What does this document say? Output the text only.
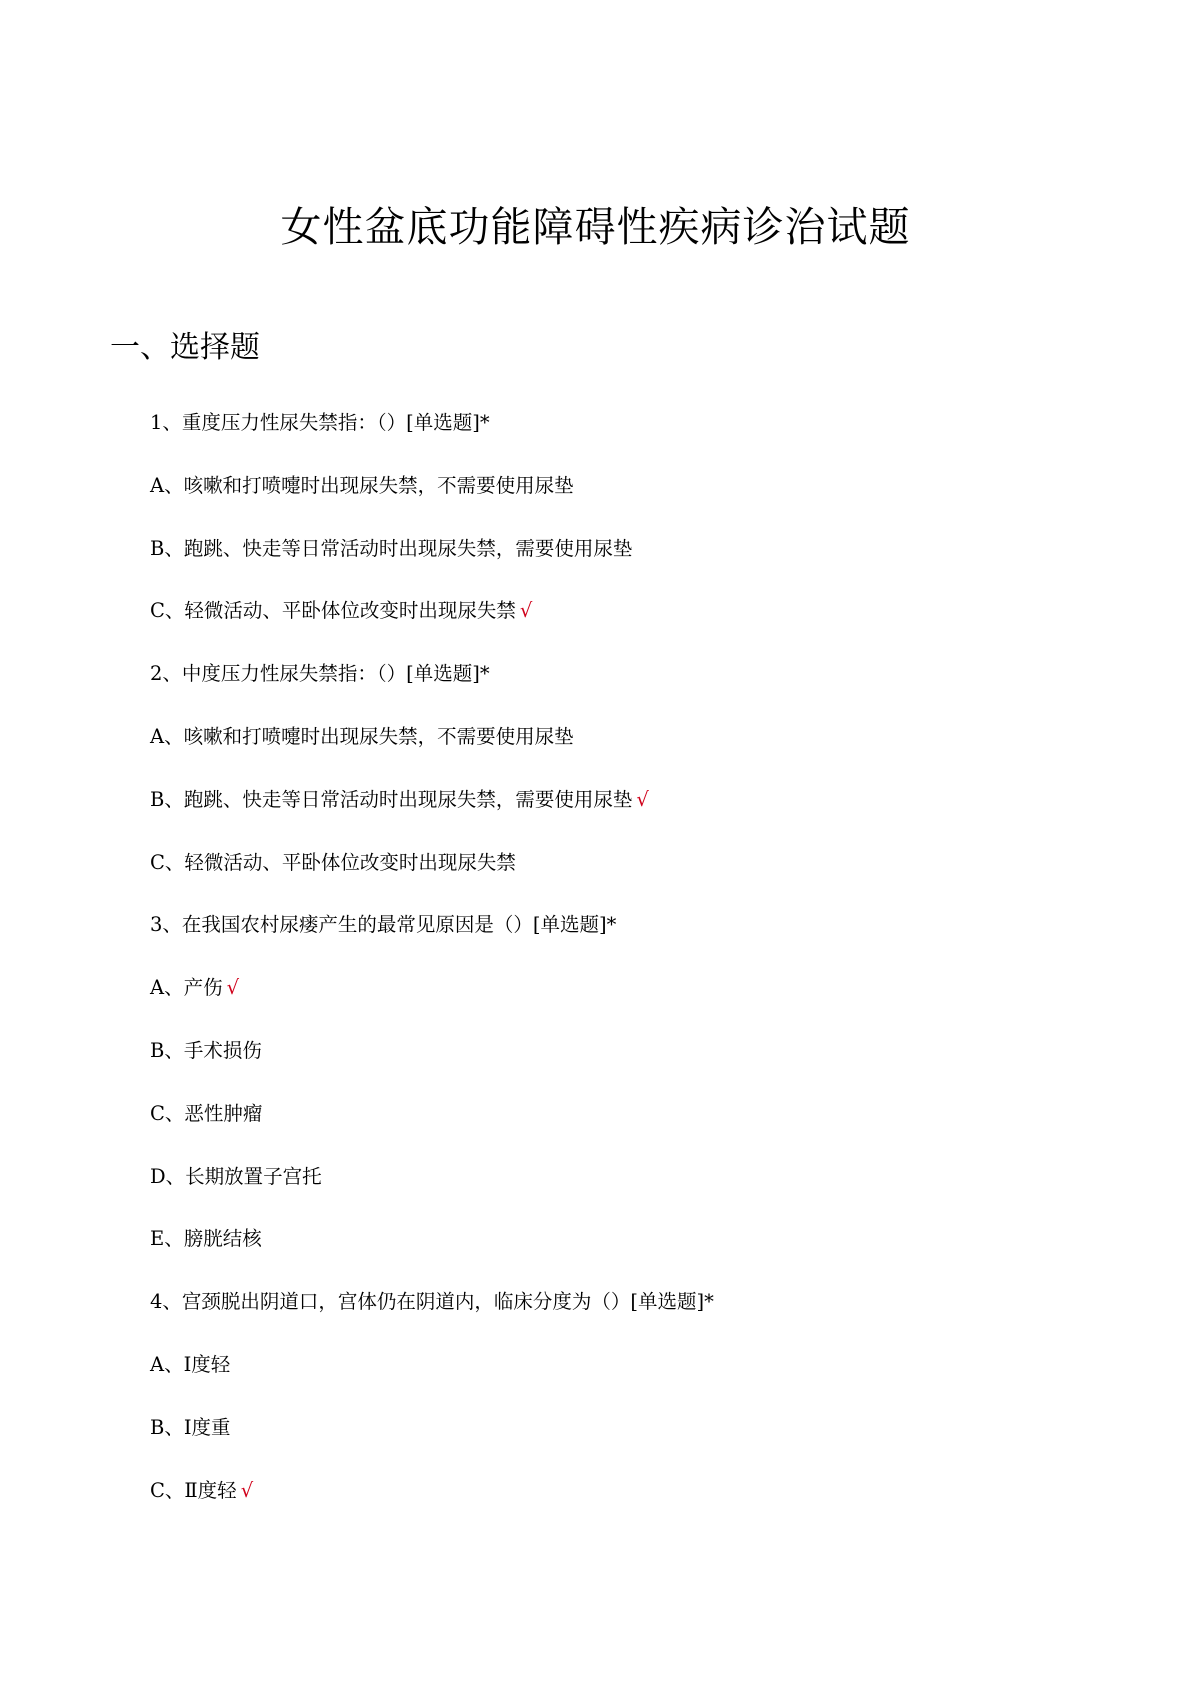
女性盆底功能障碍性疾病诊治试题
一、选择题
1、重度压力性尿失禁指：（）[单选题]*
A、咳嗽和打喷嚏时出现尿失禁，不需要使用尿垫
B、跑跳、快走等日常活动时出现尿失禁，需要使用尿垫
C、轻微活动、平卧体位改变时出现尿失禁 √
2、中度压力性尿失禁指：（）[单选题]*
A、咳嗽和打喷嚏时出现尿失禁，不需要使用尿垫
B、跑跳、快走等日常活动时出现尿失禁，需要使用尿垫 √
C、轻微活动、平卧体位改变时出现尿失禁
3、在我国农村尿瘘产生的最常见原因是（）[单选题]*
A、产伤 √
B、手术损伤
C、恶性肿瘤
D、长期放置子宫托
E、膀胱结核
4、宫颈脱出阴道口，宫体仍在阴道内，临床分度为（）[单选题]*
A、Ⅰ度轻
B、Ⅰ度重
C、Ⅱ度轻 √
